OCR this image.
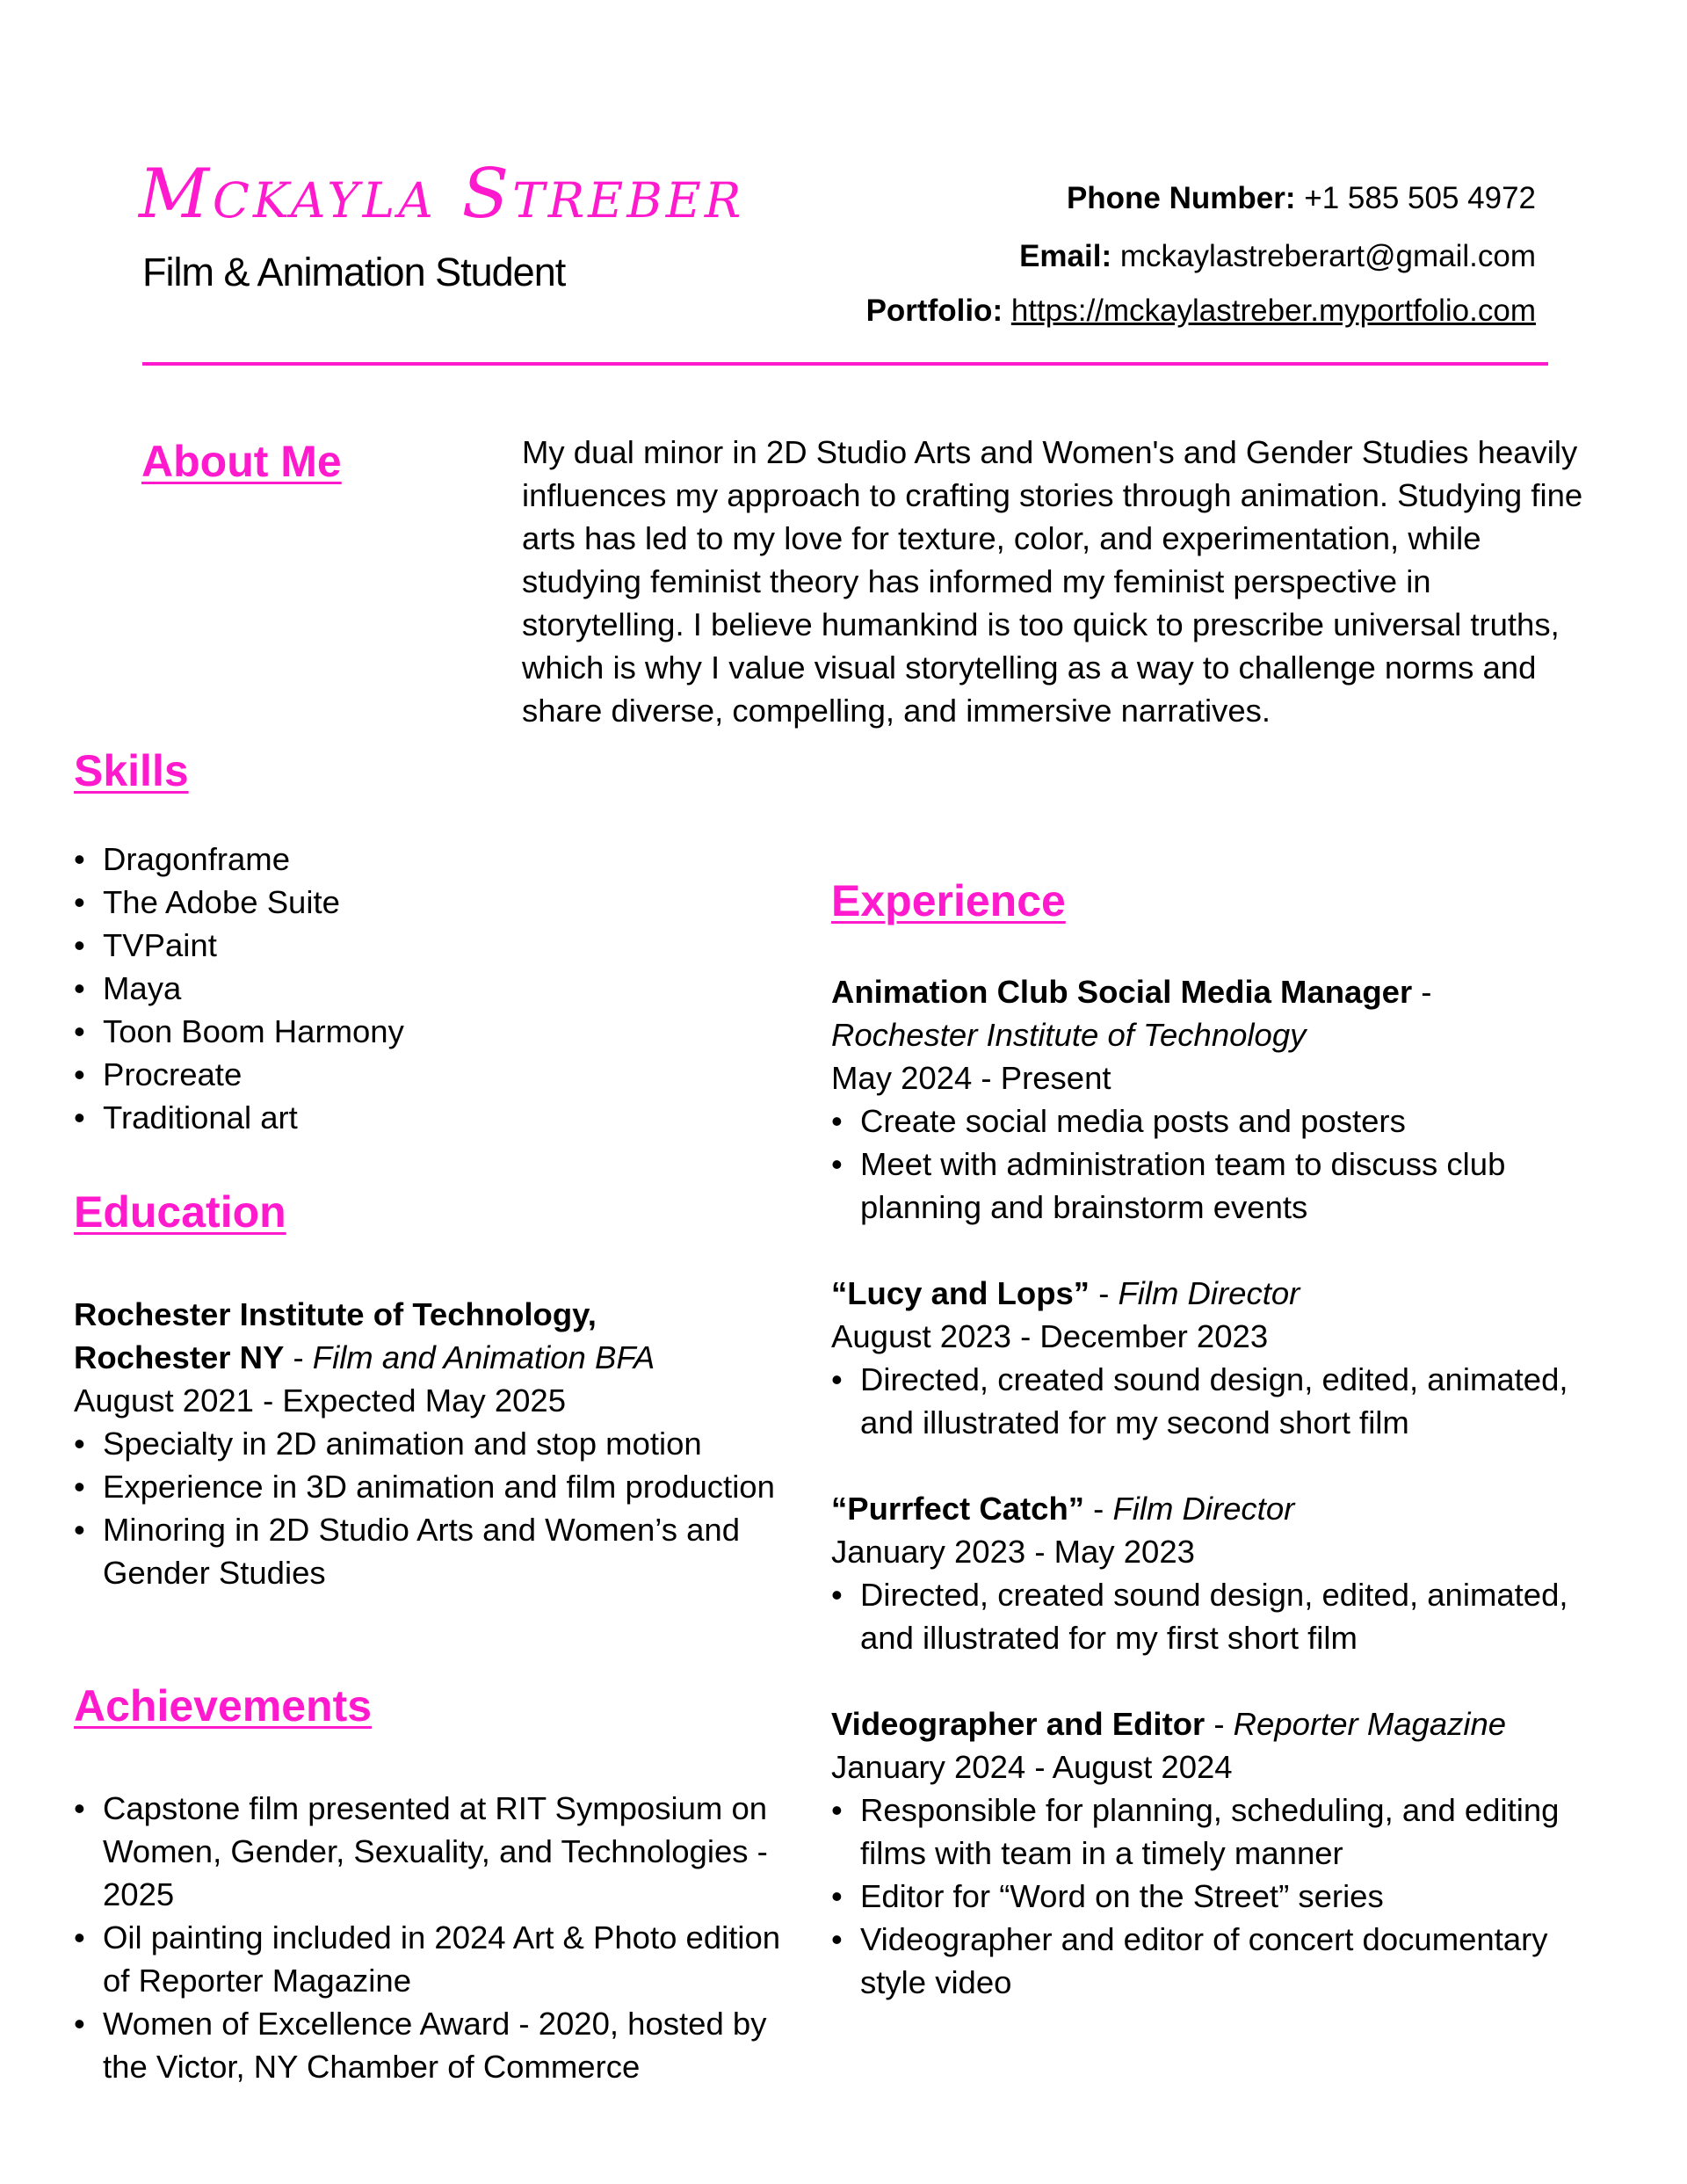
Mckayla Streber
Film & Animation Student
Phone Number: +1 585 505 4972
Email: mckaylastreberart@gmail.com
Portfolio: https://mckaylastreber.myportfolio.com
About Me	My dual minor in 2D Studio Arts and Women's and Gender Studies heavily influences my approach to crafting stories through animation. Studying fine arts has led to my love for texture, color, and experimentation, while studying feminist theory has informed my feminist perspective in storytelling. I believe humankind is too quick to prescribe universal truths, which is why I value visual storytelling as a way to challenge norms and share diverse, compelling, and immersive narratives.
Skills
• Dragonframe
• The Adobe Suite
• TVPaint
• Maya
• Toon Boom Harmony
• Procreate
• Traditional art
Education
Rochester Institute of Technology,
Rochester NY - Film and Animation BFA
August 2021 - Expected May 2025
• Specialty in 2D animation and stop motion
• Experience in 3D animation and film production
• Minoring in 2D Studio Arts and Women’s and Gender Studies
Achievements
• Capstone film presented at RIT Symposium on Women, Gender, Sexuality, and Technologies - 2025
• Oil painting included in 2024 Art & Photo edition of Reporter Magazine
• Women of Excellence Award - 2020, hosted by the Victor, NY Chamber of Commerce
Experience
Animation Club Social Media Manager -
Rochester Institute of Technology
May 2024 - Present
• Create social media posts and posters
• Meet with administration team to discuss club planning and brainstorm events
“Lucy and Lops” - Film Director
August 2023 - December 2023
• Directed, created sound design, edited, animated, and illustrated for my second short film
“Purrfect Catch” - Film Director
January 2023 - May 2023
• Directed, created sound design, edited, animated, and illustrated for my first short film
Videographer and Editor - Reporter Magazine
January 2024 - August 2024
• Responsible for planning, scheduling, and editing films with team in a timely manner
• Editor for “Word on the Street” series
• Videographer and editor of concert documentary style video
